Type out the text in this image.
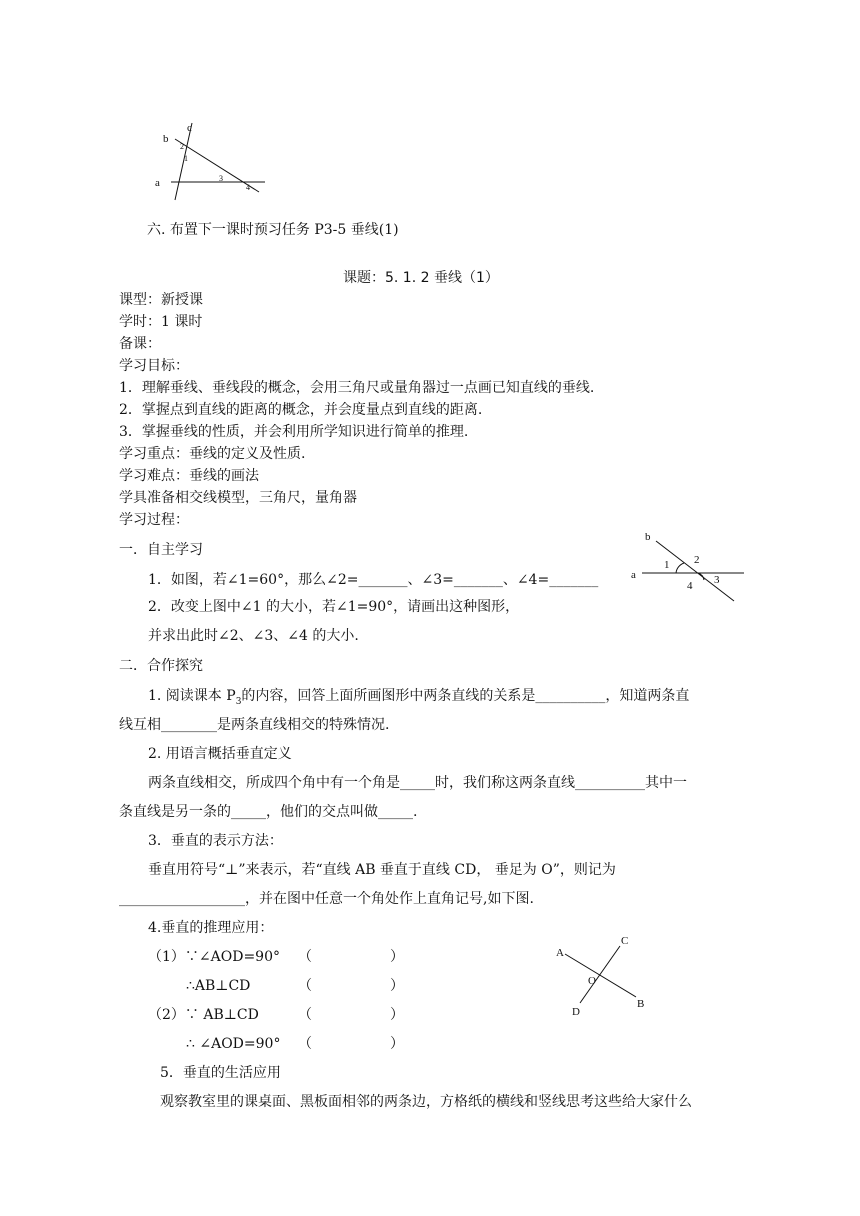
b
c
a
2
1
3
4
六. 布置下一课时预习任务 P3-5 垂线(1)
课题：5. 1. 2 垂线（1）
课型：新授课
学时：1 课时
备课：
学习目标：
1．理解垂线、垂线段的概念，会用三角尺或量角器过一点画已知直线的垂线.
2．掌握点到直线的距离的概念，并会度量点到直线的距离.
3．掌握垂线的性质，并会利用所学知识进行简单的推理.
学习重点：垂线的定义及性质.
学习难点：垂线的画法
学具准备相交线模型，三角尺，量角器
学习过程：
一．自主学习
1．如图，若∠1=60°，那么∠2=_______、∠3=_______、∠4=_______
2．改变上图中∠1 的大小，若∠1=90°，请画出这种图形，
并求出此时∠2、∠3、∠4 的大小.
b
a
1 2
3
4
二．合作探究
1. 阅读课本 $P_3$的内容，回答上面所画图形中两条直线的关系是__________，知道两条直
线互相________是两条直线相交的特殊情况.
2. 用语言概括垂直定义
两条直线相交，所成四个角中有一个角是_____时，我们称这两条直线__________其中一
条直线是另一条的_____，他们的交点叫做_____.
3．垂直的表示方法：
垂直用符号“⊥”来表示，若“直线 AB 垂直于直线 CD， 垂足为 O”，则记为
__________________，并在图中任意一个角处作上直角记号,如下图.
4.垂直的推理应用：
（1）∵∠AOD=90° （	）
∴AB⊥CD	（	）
（2）∵ AB⊥CD	（	）
∴ ∠AOD=90° （	）
A
C
O
B
D
5．垂直的生活应用
观察教室里的课桌面、黑板面相邻的两条边，方格纸的横线和竖线思考这些给大家什么
